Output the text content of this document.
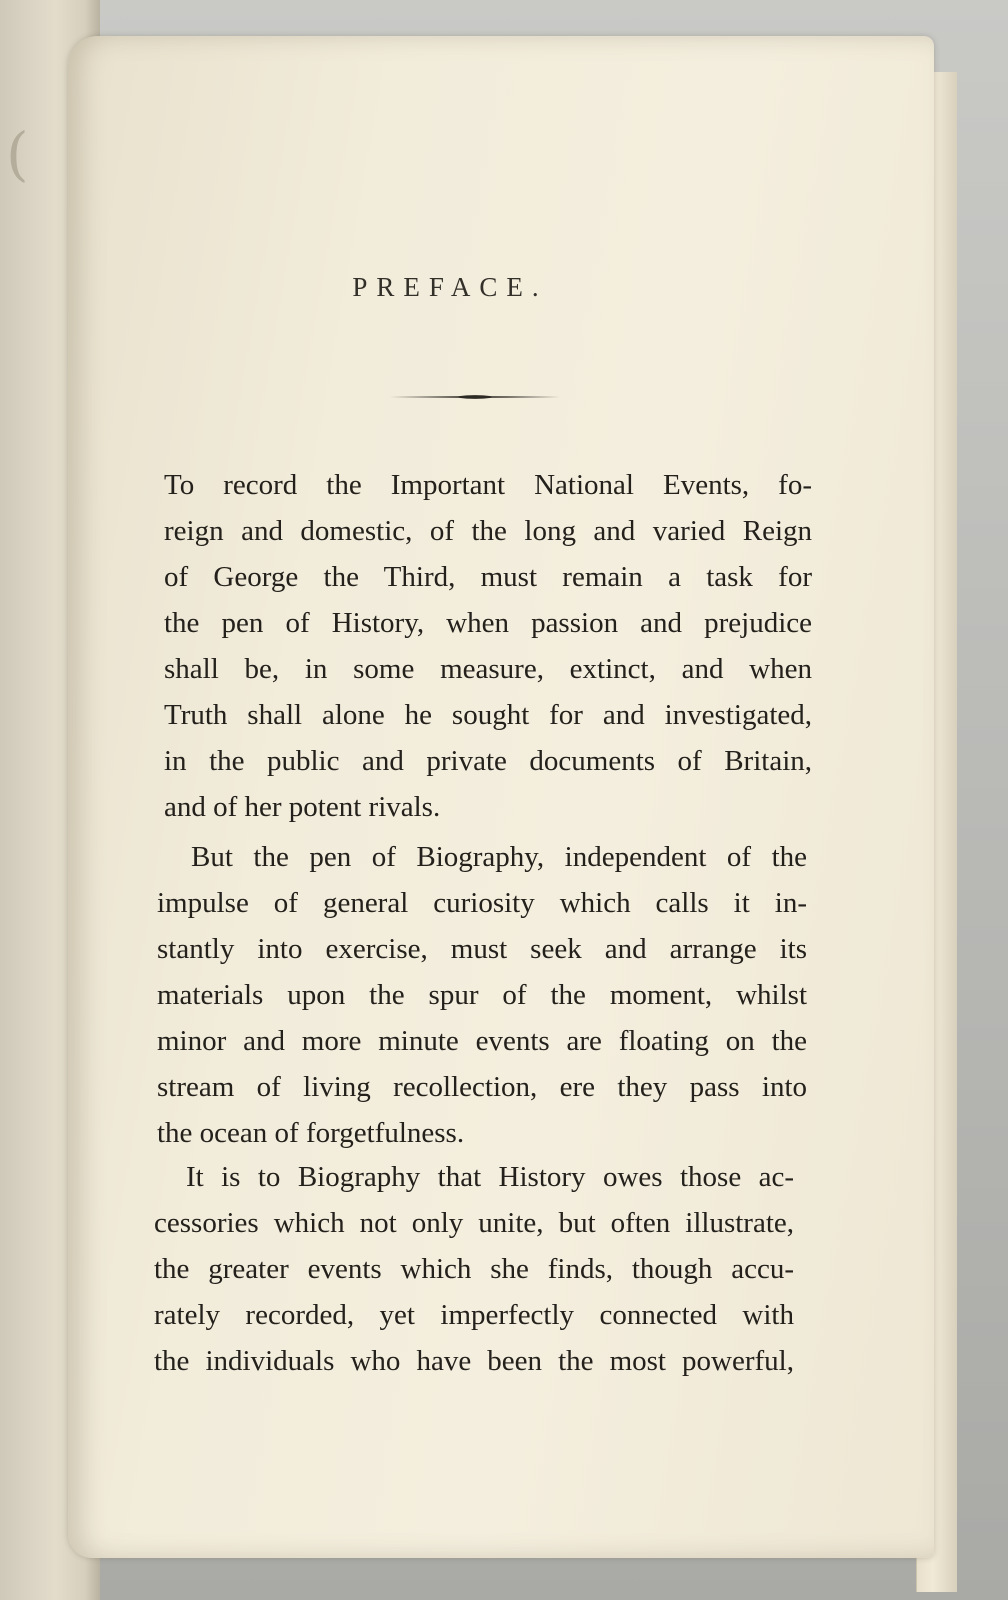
(
PREFACE.
To record the Important National Events, fo-
reign and domestic, of the long and varied Reign
of George the Third, must remain a task for
the pen of History, when passion and prejudice
shall be, in some measure, extinct, and when
Truth shall alone he sought for and investigated,
in the public and private documents of Britain,
and of her potent rivals.
But the pen of Biography, independent of the
impulse of general curiosity which calls it in-
stantly into exercise, must seek and arrange its
materials upon the spur of the moment, whilst
minor and more minute events are floating on the
stream of living recollection, ere they pass into
the ocean of forgetfulness.
It is to Biography that History owes those ac-
cessories which not only unite, but often illustrate,
the greater events which she finds, though accu-
rately recorded, yet imperfectly connected with
the individuals who have been the most powerful,
